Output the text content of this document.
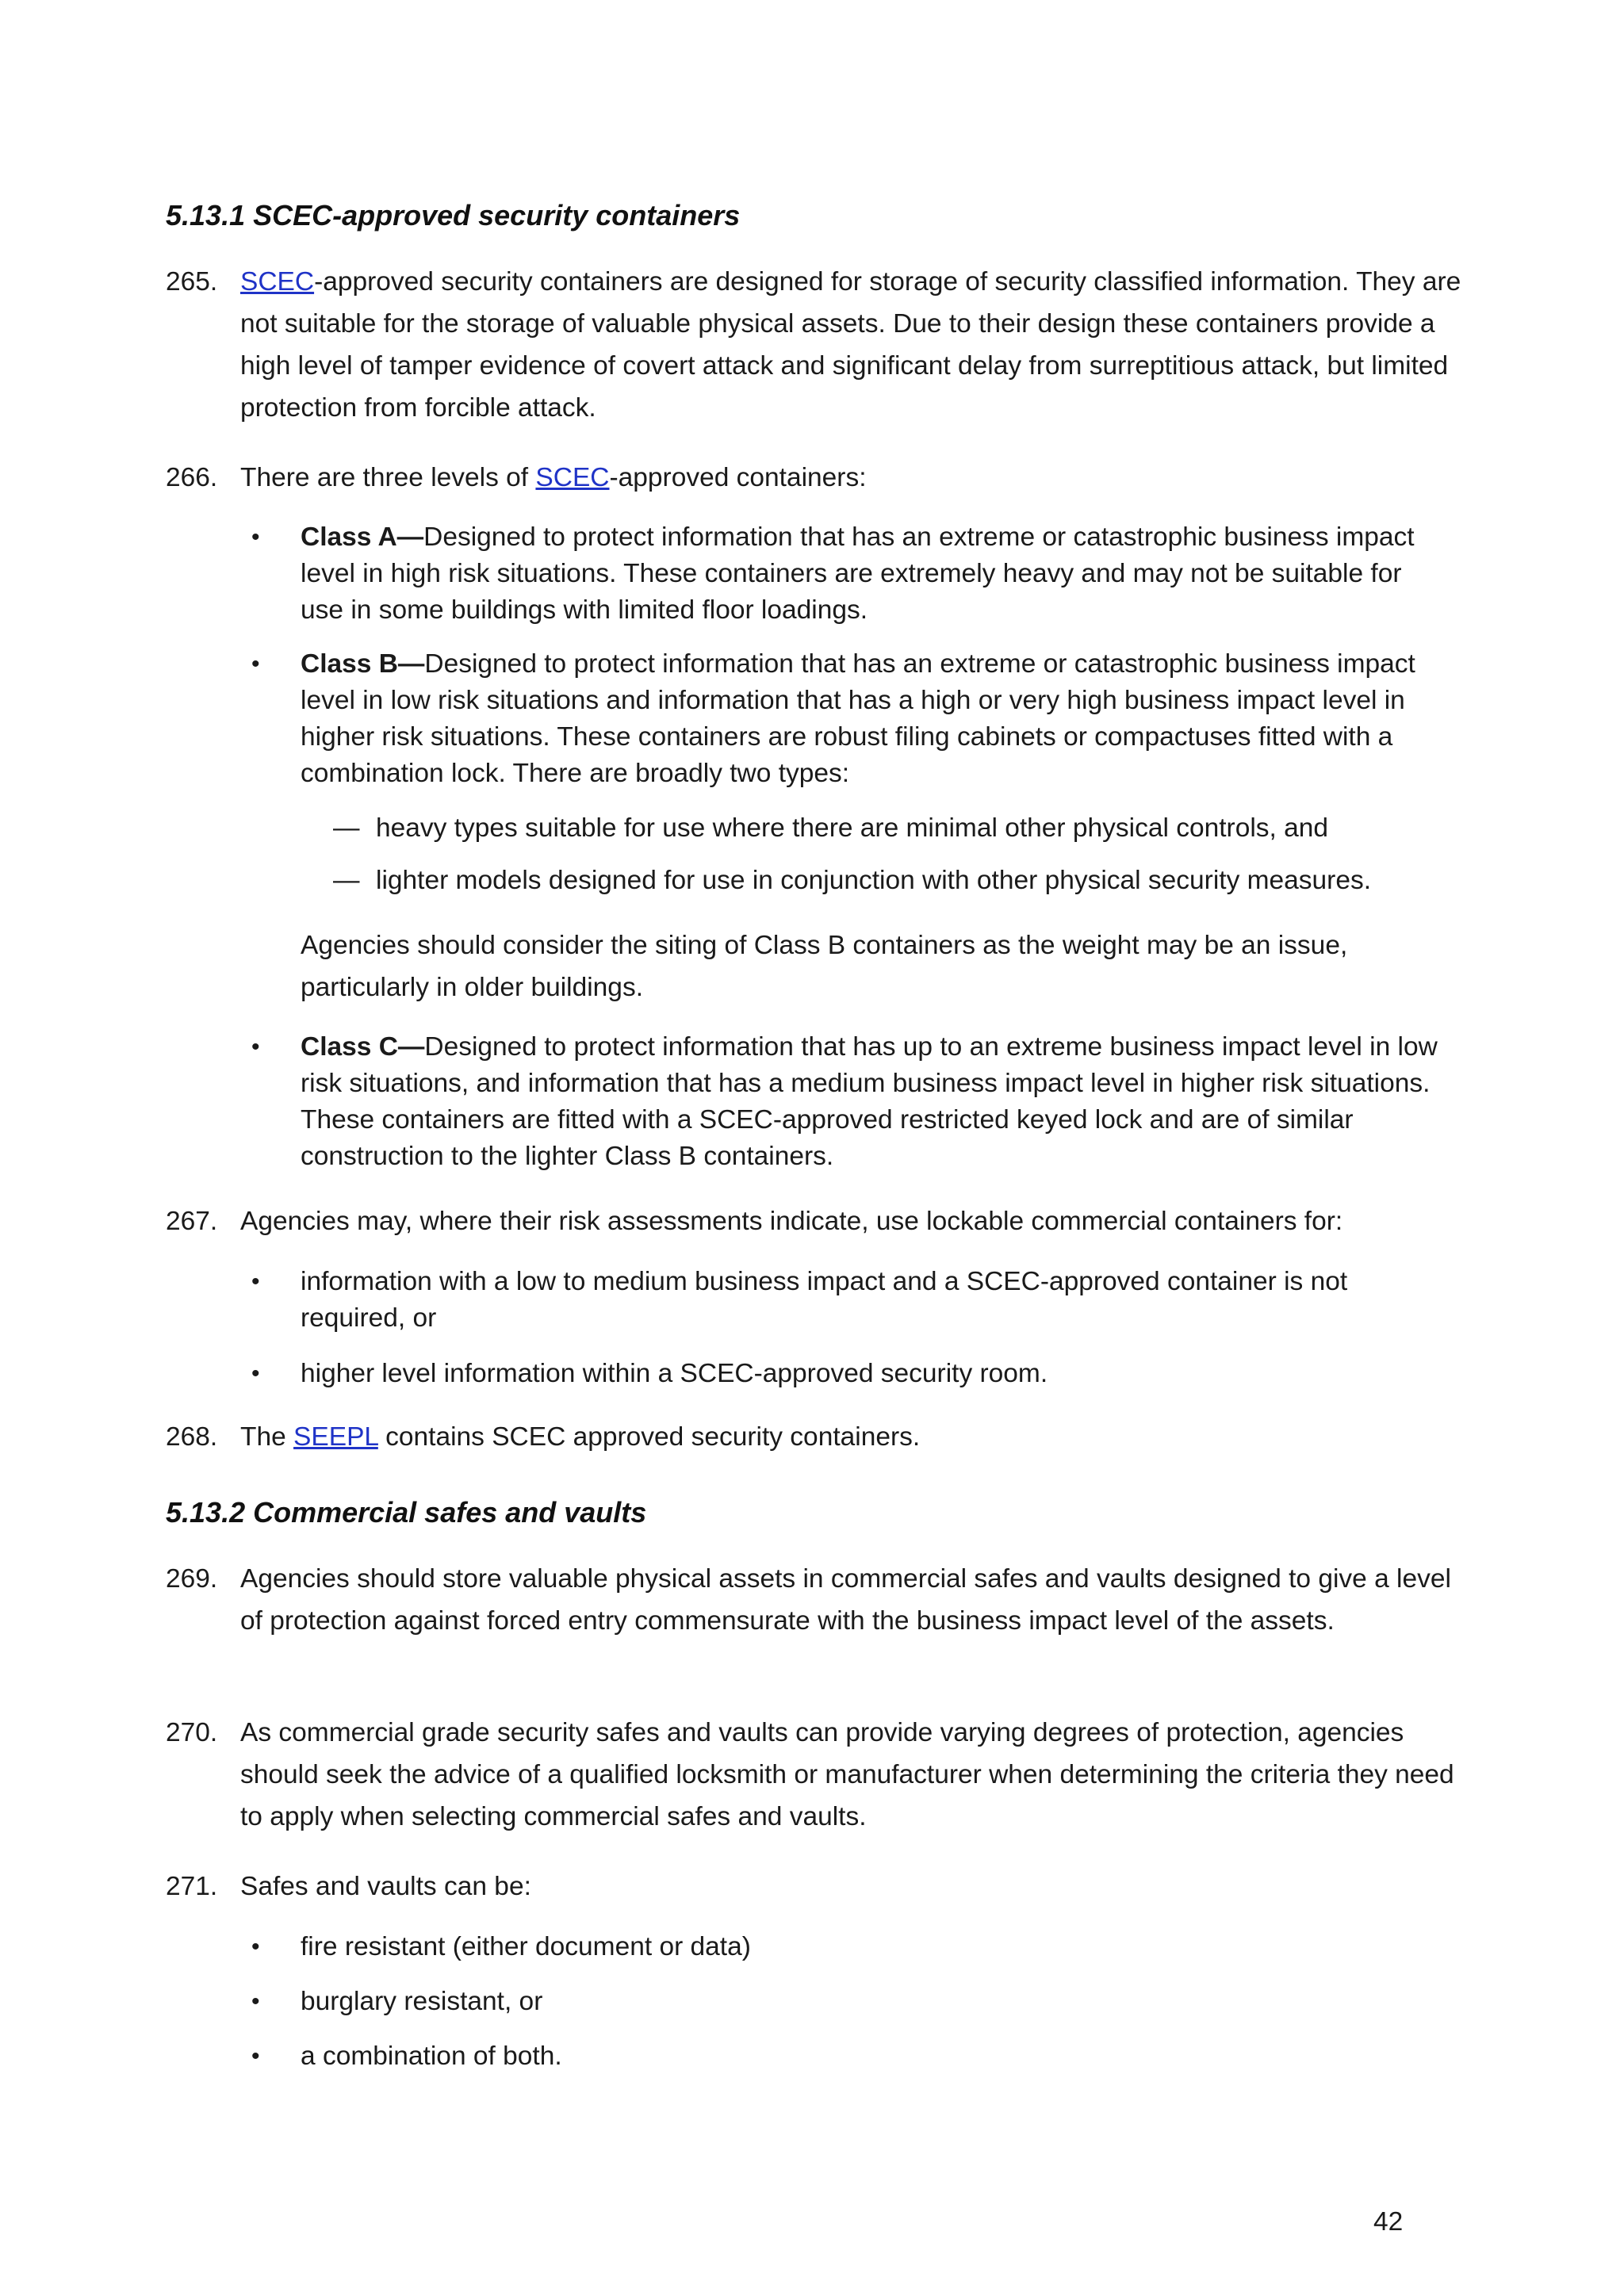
5.13.1 SCEC-approved security containers
265. SCEC-approved security containers are designed for storage of security classified information. They are not suitable for the storage of valuable physical assets. Due to their design these containers provide a high level of tamper evidence of covert attack and significant delay from surreptitious attack, but limited protection from forcible attack.
266. There are three levels of SCEC-approved containers:
• Class A—Designed to protect information that has an extreme or catastrophic business impact level in high risk situations. These containers are extremely heavy and may not be suitable for use in some buildings with limited floor loadings.
• Class B—Designed to protect information that has an extreme or catastrophic business impact level in low risk situations and information that has a high or very high business impact level in higher risk situations. These containers are robust filing cabinets or compactuses fitted with a combination lock. There are broadly two types:
— heavy types suitable for use where there are minimal other physical controls, and
— lighter models designed for use in conjunction with other physical security measures.
Agencies should consider the siting of Class B containers as the weight may be an issue, particularly in older buildings.
• Class C—Designed to protect information that has up to an extreme business impact level in low risk situations, and information that has a medium business impact level in higher risk situations. These containers are fitted with a SCEC-approved restricted keyed lock and are of similar construction to the lighter Class B containers.
267. Agencies may, where their risk assessments indicate, use lockable commercial containers for:
• information with a low to medium business impact and a SCEC-approved container is not required, or
• higher level information within a SCEC-approved security room.
268. The SEEPL contains SCEC approved security containers.
5.13.2 Commercial safes and vaults
269. Agencies should store valuable physical assets in commercial safes and vaults designed to give a level of protection against forced entry commensurate with the business impact level of the assets.
270. As commercial grade security safes and vaults can provide varying degrees of protection, agencies should seek the advice of a qualified locksmith or manufacturer when determining the criteria they need to apply when selecting commercial safes and vaults.
271. Safes and vaults can be:
• fire resistant (either document or data)
• burglary resistant, or
• a combination of both.
42
